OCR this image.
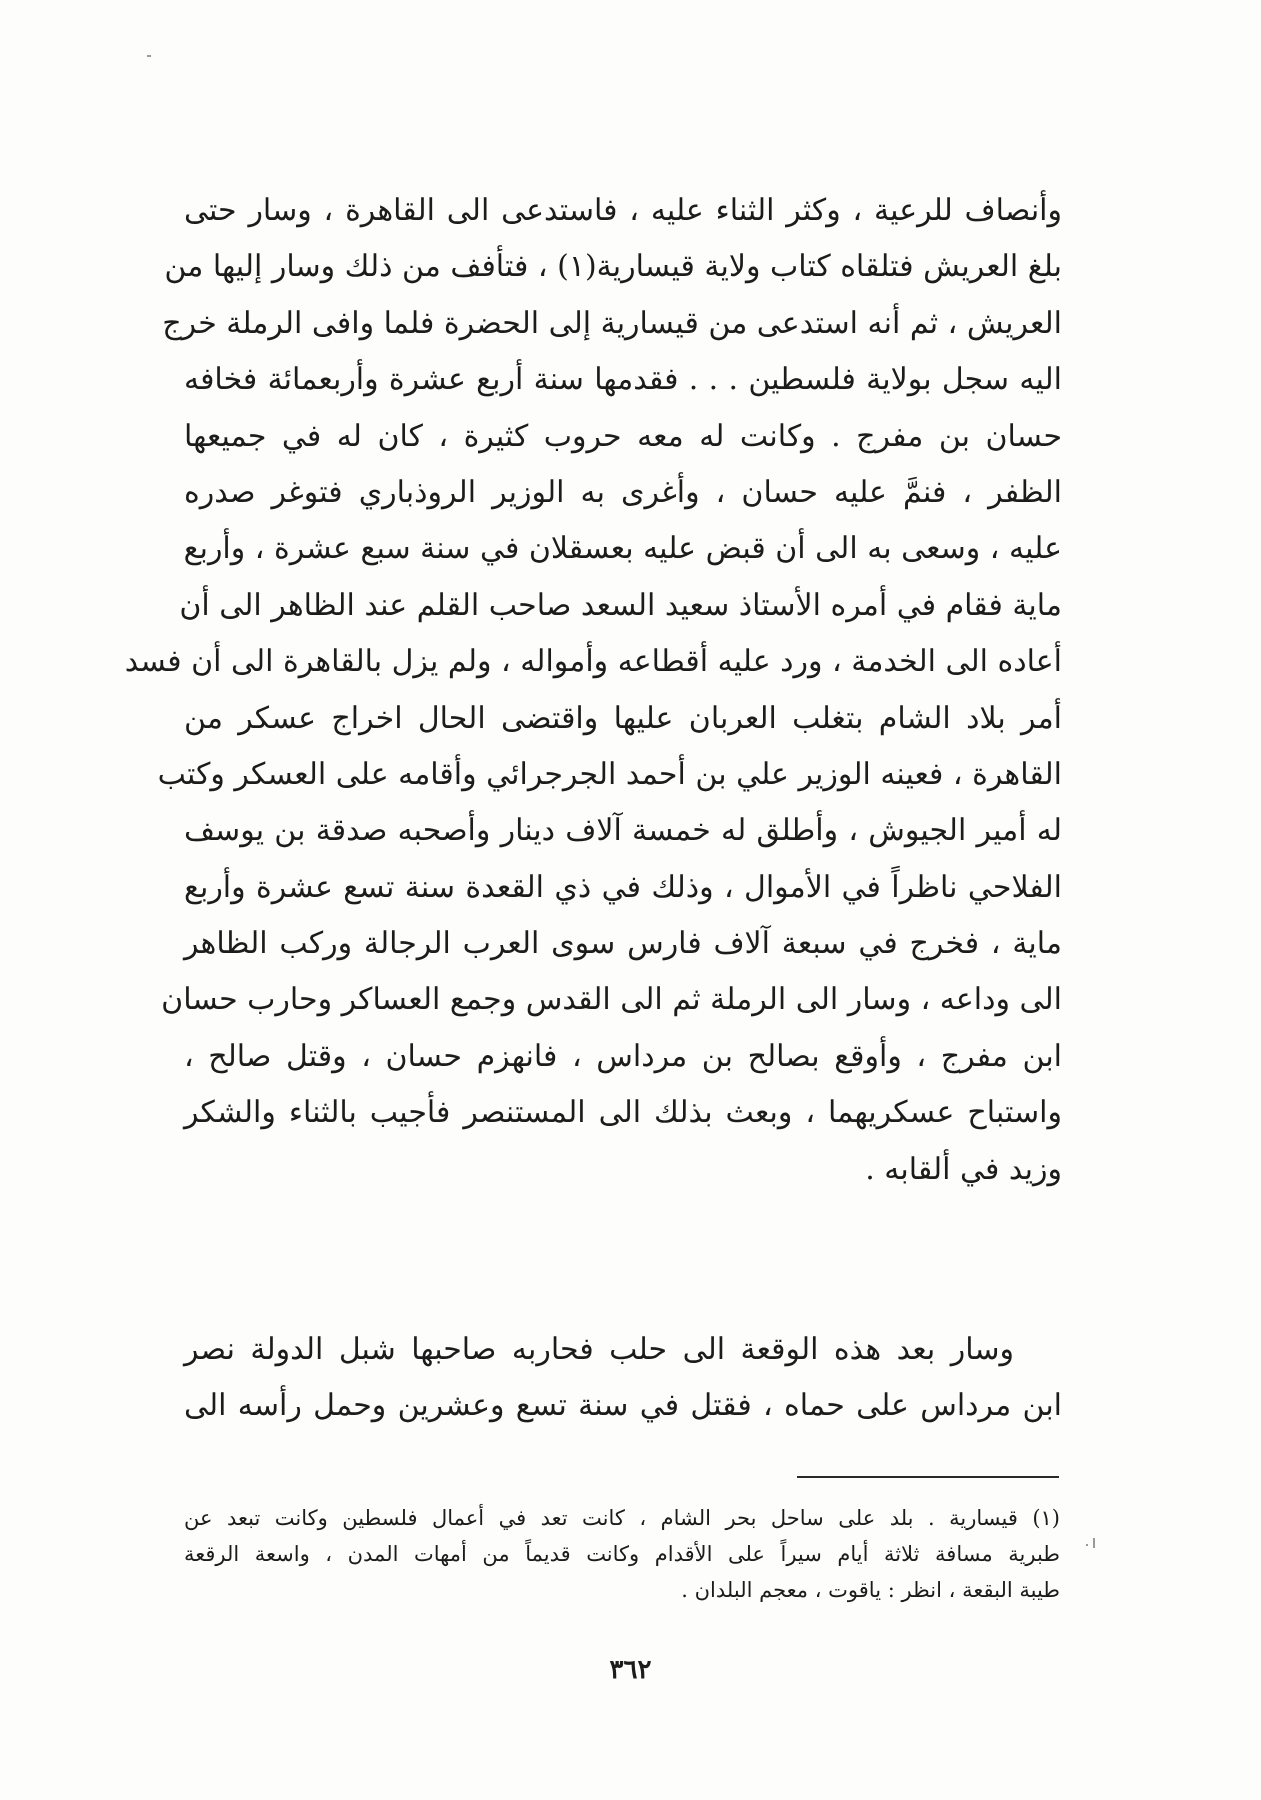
وأنصاف للرعية ، وكثر الثناء عليه ، فاستدعى الى القاهرة ، وسار حتى
بلغ العريش فتلقاه كتاب ولاية قيسارية(١) ، فتأفف من ذلك وسار إليها من
العريش ، ثم أنه استدعى من قيسارية إلى الحضرة فلما وافى الرملة خرج
اليه سجل بولاية فلسطين . . . فقدمها سنة أربع عشرة وأربعمائة فخافه
حسان بن مفرج . وكانت له معه حروب كثيرة ، كان له في جميعها
الظفر ، فنمَّ عليه حسان ، وأغرى به الوزير الروذباري فتوغر صدره
عليه ، وسعى به الى أن قبض عليه بعسقلان في سنة سبع عشرة ، وأربع
ماية فقام في أمره الأستاذ سعيد السعد صاحب القلم عند الظاهر الى أن
أعاده الى الخدمة ، ورد عليه أقطاعه وأمواله ، ولم يزل بالقاهرة الى أن فسد
أمر بلاد الشام بتغلب العربان عليها واقتضى الحال اخراج عسكر من
القاهرة ، فعينه الوزير علي بن أحمد الجرجرائي وأقامه على العسكر وكتب
له أمير الجيوش ، وأطلق له خمسة آلاف دينار وأصحبه صدقة بن يوسف
الفلاحي ناظراً في الأموال ، وذلك في ذي القعدة سنة تسع عشرة وأربع
ماية ، فخرج في سبعة آلاف فارس سوى العرب الرجالة وركب الظاهر
الى وداعه ، وسار الى الرملة ثم الى القدس وجمع العساكر وحارب حسان
ابن مفرج ، وأوقع بصالح بن مرداس ، فانهزم حسان ، وقتل صالح ،
واستباح عسكريهما ، وبعث بذلك الى المستنصر فأجيب بالثناء والشكر
وزيد في ألقابه .
وسار بعد هذه الوقعة الى حلب فحاربه صاحبها شبل الدولة نصر
ابن مرداس على حماه ، فقتل في سنة تسع وعشرين وحمل رأسه الى
(١) قيسارية . بلد على ساحل بحر الشام ، كانت تعد في أعمال فلسطين وكانت تبعد عن
طبرية مسافة ثلاثة أيام سيراً على الأقدام وكانت قديماً من أمهات المدن ، واسعة الرقعة
طيبة البقعة ، انظر : ياقوت ، معجم البلدان .
٣٦٢
